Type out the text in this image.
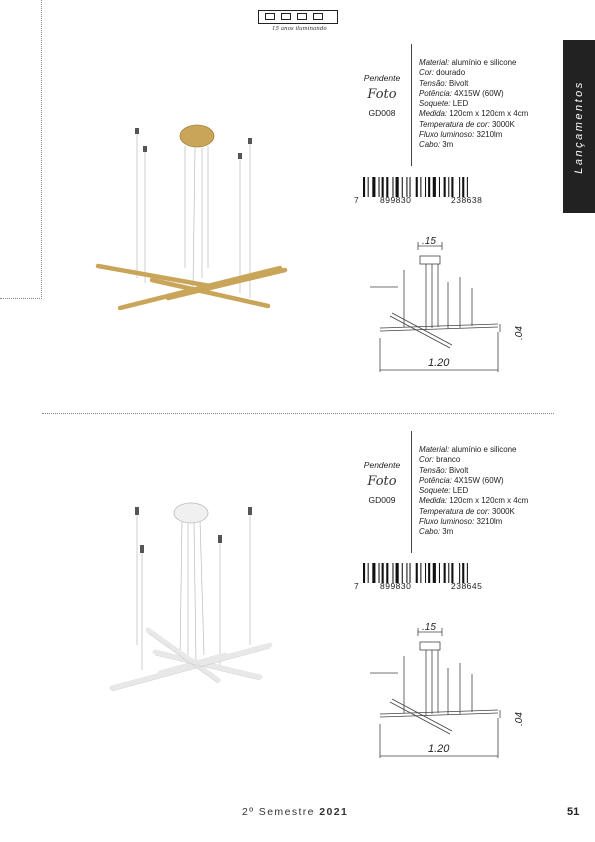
15 anos iluminando
Lançamentos
Pendente
Foto
GD008
Material: alumínio e silicone
Cor: dourado
Tensão: Bivolt
Potência: 4X15W (60W)
Soquete: LED
Medida: 120cm x 120cm x 4cm
Temperatura de cor: 3000K
Fluxo luminoso: 3210lm
Cabo: 3m
7 899830	238638
.15
1.20
.04
Pendente
Foto
GD009
Material: alumínio e silicone
Cor: branco
Tensão: Bivolt
Potência: 4X15W (60W)
Soquete: LED
Medida: 120cm x 120cm x 4cm
Temperatura de cor: 3000K
Fluxo luminoso: 3210lm
Cabo: 3m
7 899830	238645
.15
1.20
.04
2º Semestre 2021	51
